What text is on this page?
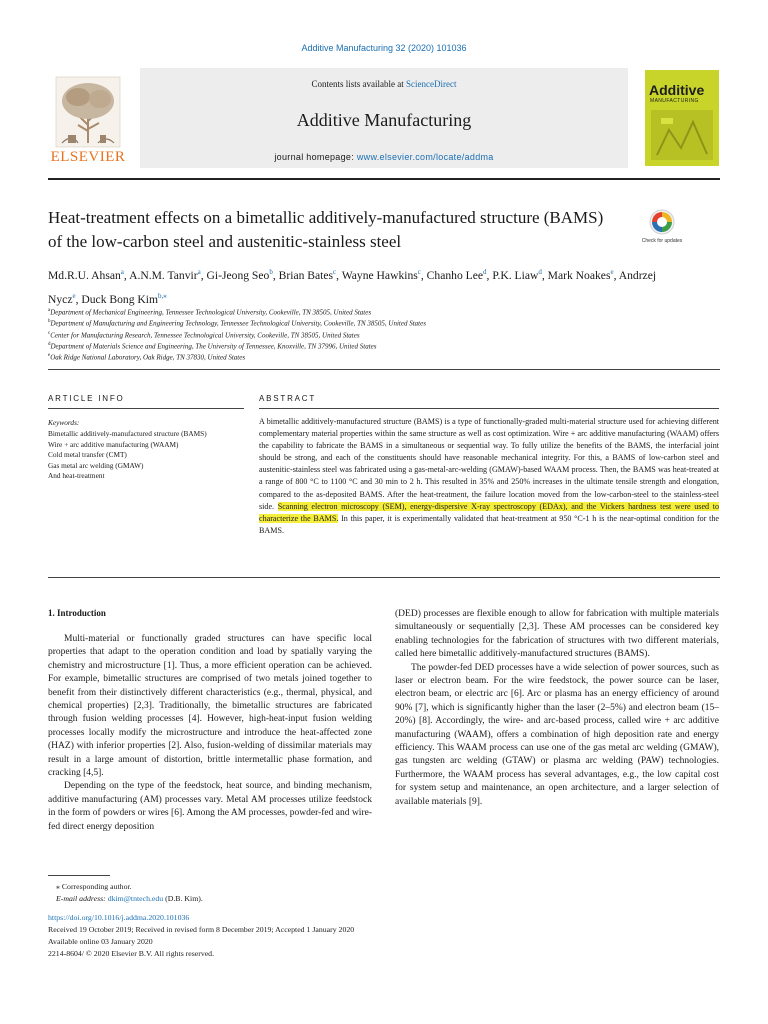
Additive Manufacturing 32 (2020) 101036
Contents lists available at ScienceDirect
Additive Manufacturing
journal homepage: www.elsevier.com/locate/addma
ELSEVIER
Additive
MANUFACTURING
Heat-treatment effects on a bimetallic additively-manufactured structure (BAMS) of the low-carbon steel and austenitic-stainless steel	Check for updates
Md.R.U. Ahsan$^a$, A.N.M. Tanvir$^a$, Gi-Jeong Seo$^b$, Brian Bates$^c$, Wayne Hawkins$^c$, Chanho Lee$^d$, P.K. Liaw$^d$, Mark Noakes$^e$, Andrzej Nycz$^e$, Duck Bong Kim$^{b,⁎}$
$^a$Department of Mechanical Engineering, Tennessee Technological University, Cookeville, TN 38505, United States
$^b$Department of Manufacturing and Engineering Technology, Tennessee Technological University, Cookeville, TN 38505, United States
$^c$Center for Manufacturing Research, Tennessee Technological University, Cookeville, TN 38505, United States
$^d$Department of Materials Science and Engineering, The University of Tennessee, Knoxville, TN 37996, United States
$^e$Oak Ridge National Laboratory, Oak Ridge, TN 37830, United States
ARTICLE INFO	ABSTRACT
Keywords:
Bimetallic additively-manufactured structure (BAMS)
Wire + arc additive manufacturing (WAAM)
Cold metal transfer (CMT)
Gas metal arc welding (GMAW)
And heat-treatment
A bimetallic additively-manufactured structure (BAMS) is a type of functionally-graded multi-material structure used for achieving different complementary material properties within the same structure as well as cost optimization. Wire + arc additive manufacturing (WAAM) offers the capability to fabricate the BAMS in a simultaneous or sequential way. To fully utilize the benefits of the BAMS, the interfacial joint should be strong, and each of the constituents should have reasonable mechanical integrity. For this, a BAMS of low-carbon steel and austenitic-stainless steel was fabricated using a gas-metal-arc-welding (GMAW)-based WAAM process. Then, the BAMS was heat-treated at a range of 800 °C to 1100 °C and 30 min to 2 h. This resulted in 35% and 250% increases in the ultimate tensile strength and elongation, compared to the as-deposited BAMS. After the heat-treatment, the failure location moved from the low-carbon-steel to the stainless-steel side. Scanning electron microscopy (SEM), energy-dispersive X-ray spectroscopy (EDAx), and the Vickers hardness test were used to characterize the BAMS. In this paper, it is experimentally validated that heat-treatment at 950 °C-1 h is the near-optimal condition for the BAMS.
1. Introduction

Multi-material or functionally graded structures can have specific local properties that adapt to the operation condition and load by spatially varying the chemistry and microstructure [1]. Thus, a more efficient operation can be achieved. For example, bimetallic structures are comprised of two metals joined together to benefit from their distinctively different characteristics (e.g., thermal, physical, and chemical properties) [2,3]. Traditionally, the bimetallic structures are fabricated through fusion welding processes [4]. However, high-heat-input fusion welding processes locally modify the microstructure and introduce the heat-affected zone (HAZ) with inferior properties [2]. Also, fusion-welding of dissimilar materials may result in a large amount of distortion, brittle intermetallic phase formation, and cracking [4,5].

Depending on the type of the feedstock, heat source, and binding mechanism, additive manufacturing (AM) processes vary. Metal AM processes utilize feedstock in the form of powders or wires [6]. Among the AM processes, powder-fed and wire-fed direct energy deposition

(DED) processes are flexible enough to allow for fabrication with multiple materials simultaneously or sequentially [2,3]. These AM processes can be considered key enabling technologies for the fabrication of structures with two different materials, called here bimetallic additively-manufactured structures (BAMS).

The powder-fed DED processes have a wide selection of power sources, such as laser or electron beam. For the wire feedstock, the power source can be laser, electron beam, or electric arc [6]. Arc or plasma has an energy efficiency of around 90% [7], which is significantly higher than the laser (2–5%) and electron beam (15–20%) [8]. Accordingly, the wire- and arc-based process, called wire + arc additive manufacturing (WAAM), offers a combination of high deposition rate and energy efficiency. This WAAM process can use one of the gas metal arc welding (GMAW), gas tungsten arc welding (GTAW) or plasma arc welding (PAW) technologies. Furthermore, the WAAM process has several advantages, e.g., the low capital cost for system setup and maintenance, an open architecture, and a larger selection of available materials [9].

⁎ Corresponding author.
E-mail address: dkim@tntech.edu (D.B. Kim).
https://doi.org/10.1016/j.addma.2020.101036
Received 19 October 2019; Received in revised form 8 December 2019; Accepted 1 January 2020
Available online 03 January 2020
2214-8604/ © 2020 Elsevier B.V. All rights reserved.
